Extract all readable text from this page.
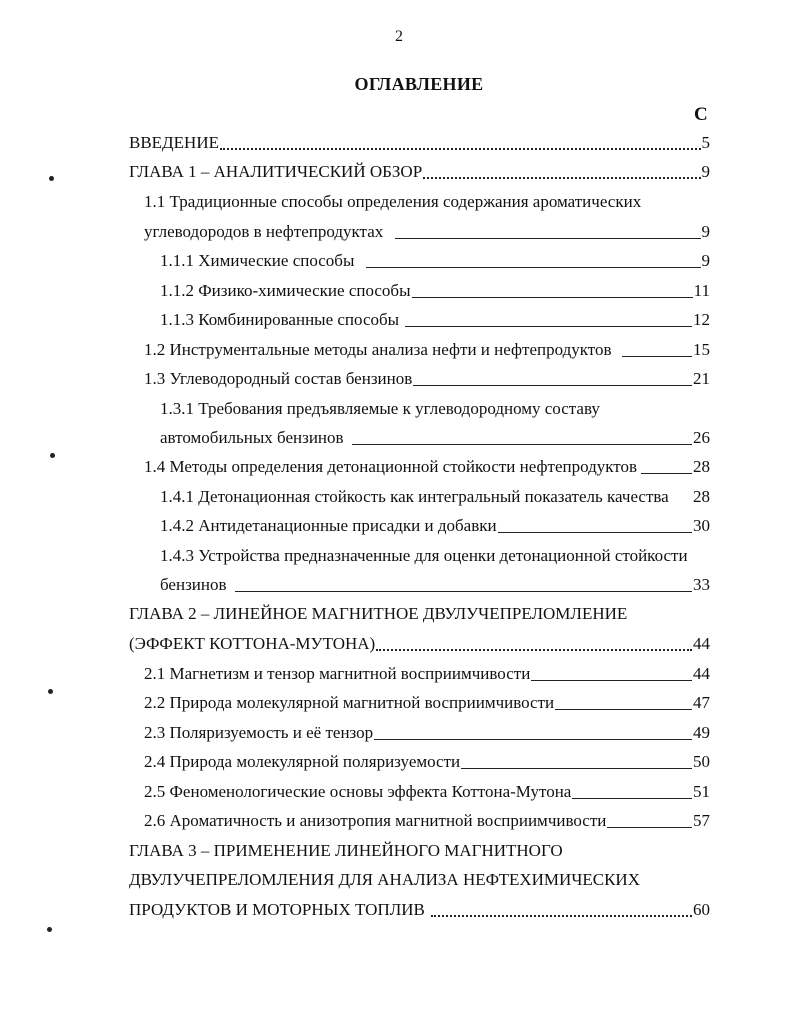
2
ОГЛАВЛЕНИЕ
С
ВВЕДЕНИЕ	5
ГЛАВА 1 – АНАЛИТИЧЕСКИЙ ОБЗОР	9
1.1 Традиционные способы определения содержания ароматических
углеводородов в нефтепродуктах	9
1.1.1 Химические способы	9
1.1.2 Физико-химические способы	11
1.1.3 Комбинированные способы	12
1.2 Инструментальные методы анализа нефти и нефтепродуктов	15
1.3 Углеводородный состав бензинов	21
1.3.1 Требования предъявляемые к углеводородному составу
автомобильных бензинов	26
1.4 Методы определения детонационной стойкости нефтепродуктов	28
1.4.1 Детонационная стойкость как интегральный показатель качества 28
1.4.2 Антидетанационные присадки и добавки	30
1.4.3 Устройства предназначенные для оценки детонационной стойкости
бензинов	33
ГЛАВА 2 – ЛИНЕЙНОЕ МАГНИТНОЕ ДВУЛУЧЕПРЕЛОМЛЕНИЕ
(ЭФФЕКТ КОТТОНА-МУТОНА)	44
2.1 Магнетизм и тензор магнитной восприимчивости	44
2.2 Природа молекулярной магнитной восприимчивости	47
2.3 Поляризуемость и её тензор	49
2.4 Природа молекулярной поляризуемости	50
2.5 Феноменологические основы эффекта Коттона-Мутона	51
2.6 Ароматичность и анизотропия магнитной восприимчивости	57
ГЛАВА 3 – ПРИМЕНЕНИЕ ЛИНЕЙНОГО МАГНИТНОГО
ДВУЛУЧЕПРЕЛОМЛЕНИЯ ДЛЯ АНАЛИЗА НЕФТЕХИМИЧЕСКИХ
ПРОДУКТОВ И МОТОРНЫХ ТОПЛИВ	60
